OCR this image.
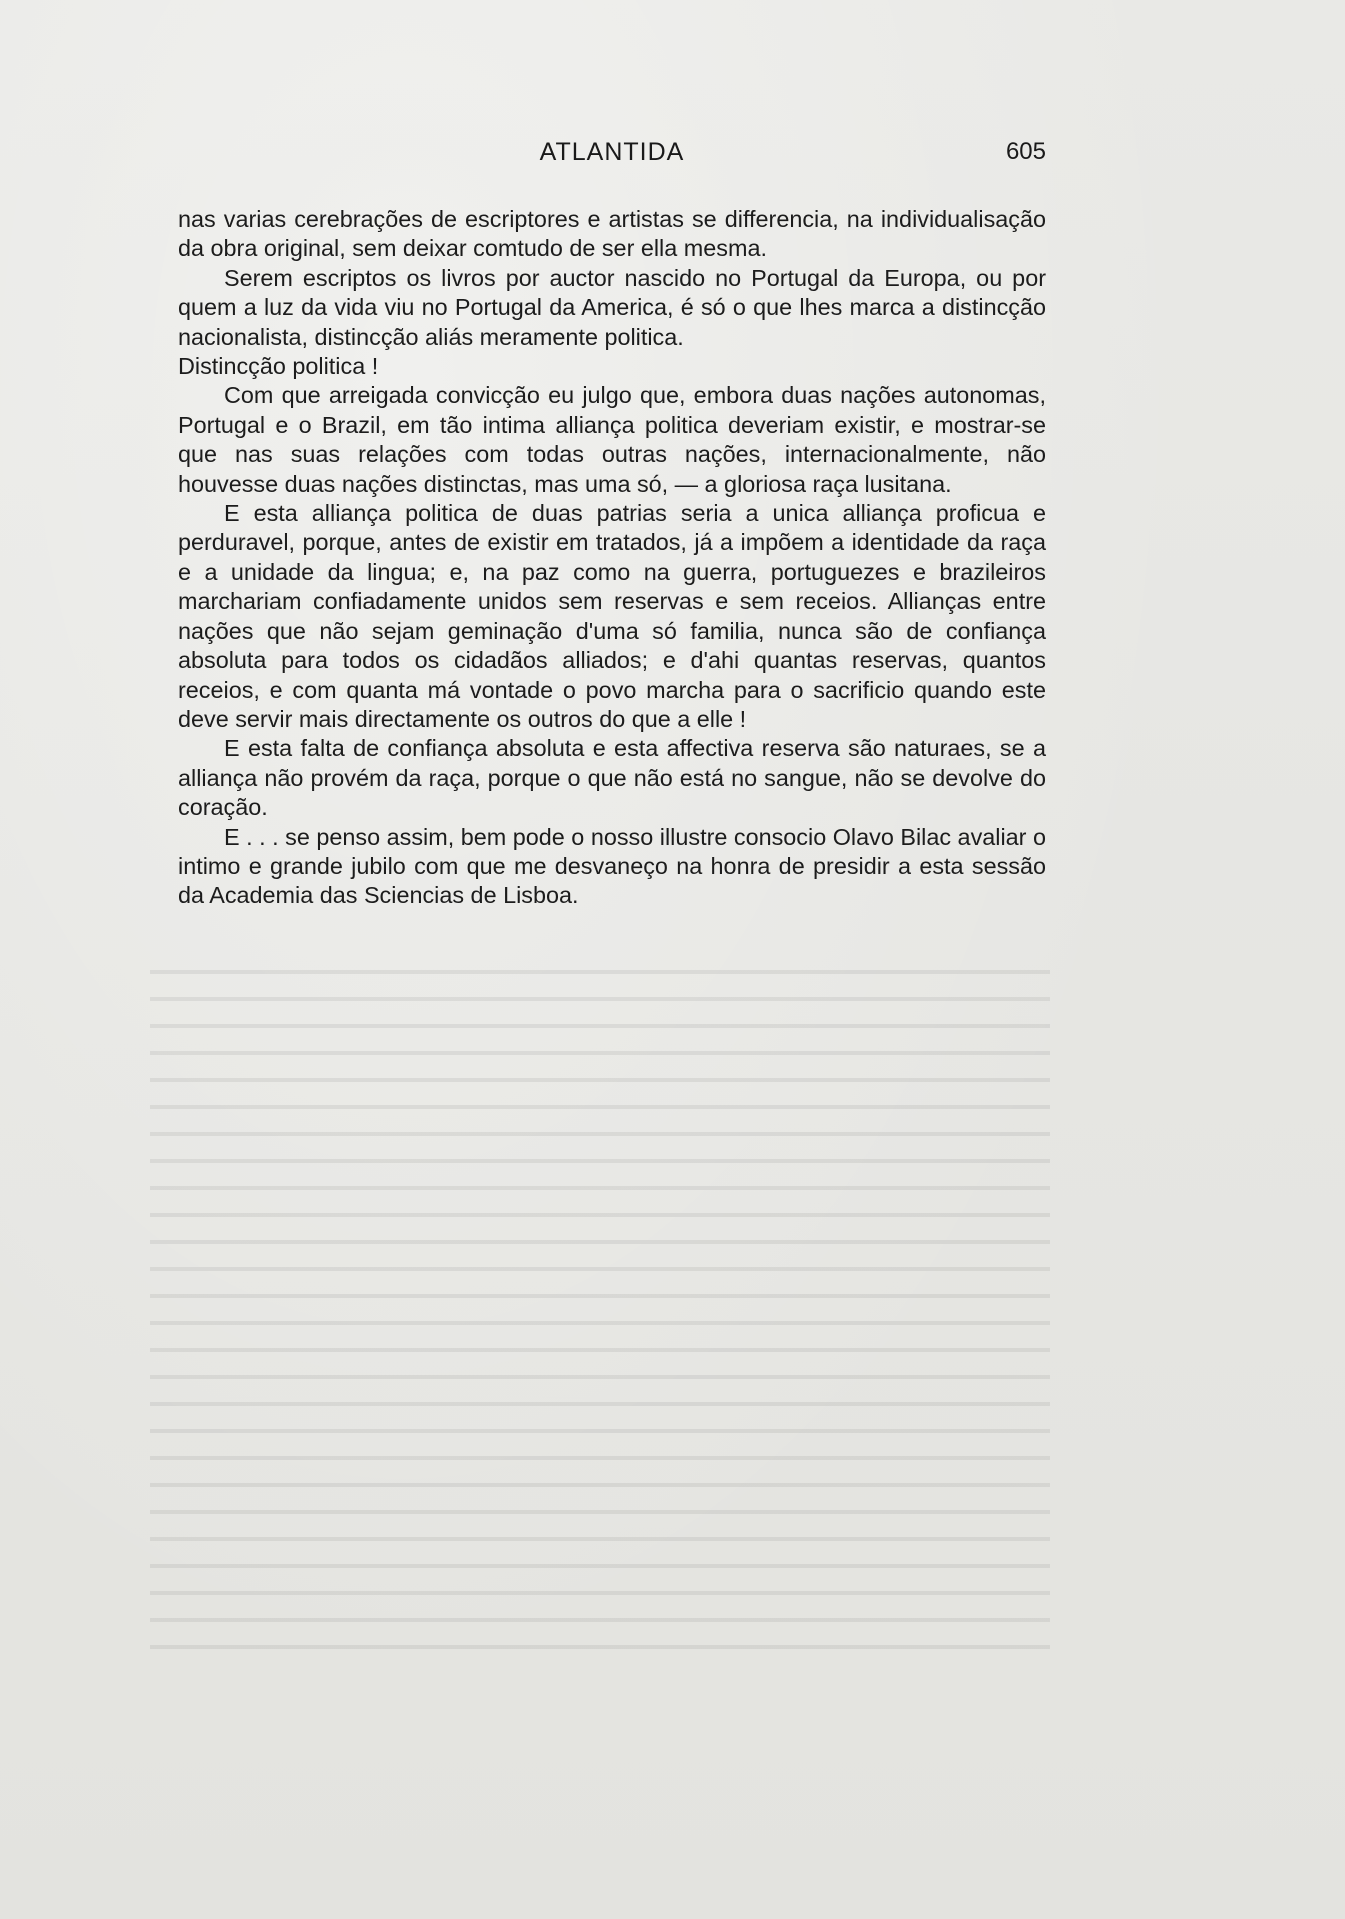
ATLANTIDA	605

nas varias cerebrações de escriptores e artistas se differencia, na individualisação da obra original, sem deixar comtudo de ser ella mesma.

Serem escriptos os livros por auctor nascido no Portugal da Europa, ou por quem a luz da vida viu no Portugal da America, é só o que lhes marca a distincção nacionalista, distincção aliás meramente politica.

Distincção politica !

Com que arreigada convicção eu julgo que, embora duas nações autonomas, Portugal e o Brazil, em tão intima alliança politica deveriam existir, e mostrar-se que nas suas relações com todas outras nações, internacionalmente, não houvesse duas nações distinctas, mas uma só, — a gloriosa raça lusitana.

E esta alliança politica de duas patrias seria a unica alliança proficua e perduravel, porque, antes de existir em tratados, já a impõem a identidade da raça e a unidade da lingua; e, na paz como na guerra, portuguezes e brazileiros marchariam confiadamente unidos sem reservas e sem receios. Allianças entre nações que não sejam geminação d'uma só familia, nunca são de confiança absoluta para todos os cidadãos alliados; e d'ahi quantas reservas, quantos receios, e com quanta má vontade o povo marcha para o sacrificio quando este deve servir mais directamente os outros do que a elle !

E esta falta de confiança absoluta e esta affectiva reserva são naturaes, se a alliança não provém da raça, porque o que não está no sangue, não se devolve do coração.

E . . . se penso assim, bem pode o nosso illustre consocio Olavo Bilac avaliar o intimo e grande jubilo com que me desvaneço na honra de presidir a esta sessão da Academia das Sciencias de Lisboa.
